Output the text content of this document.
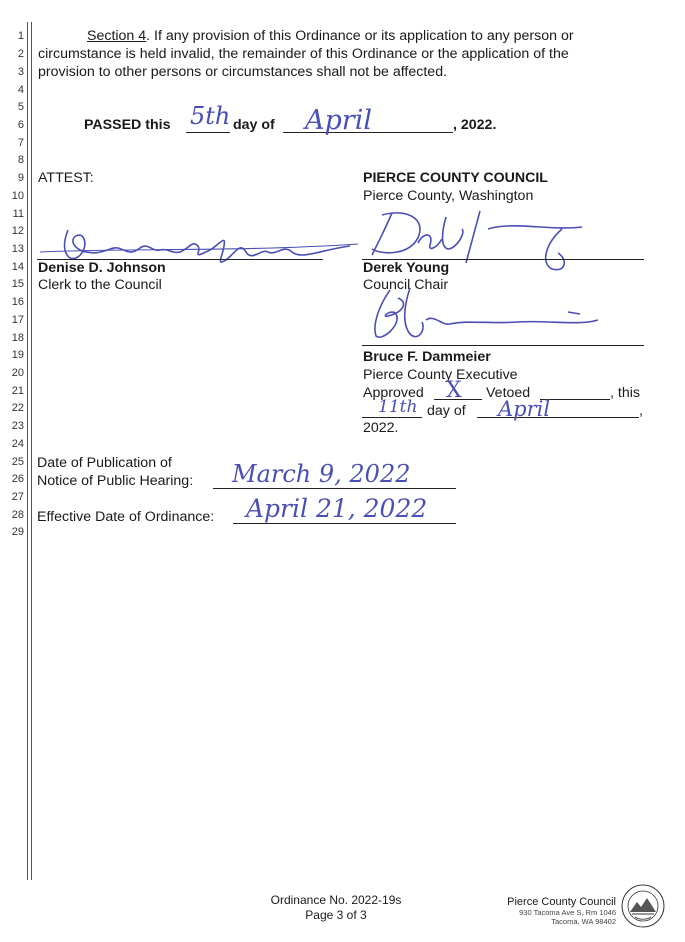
1
2
3
4
5
6
7
8
9
10
11
12
13
14
15
16
17
18
19
20
21
22
23
24
25
26
27
28
29
Section 4. If any provision of this Ordinance or its application to any person or
circumstance is held invalid, the remainder of this Ordinance or the application of the
provision to other persons or circumstances shall not be affected.
PASSED this 5th day of April	, 2022.
ATTEST:	PIERCE COUNTY COUNCIL
Pierce County, Washington
Denise D. Johnson
Clerk to the Council
Derek Young
Council Chair
Bruce F. Dammeier
Pierce County Executive
Approved X Vetoed	, this
11th day of April	,
2022.
Date of Publication of
Notice of Public Hearing: March 9, 2022
Effective Date of Ordinance: April 21, 2022
Ordinance No. 2022-19s
Page 3 of 3
Pierce County Council
930 Tacoma Ave S, Rm 1046
Tacoma, WA 98402
